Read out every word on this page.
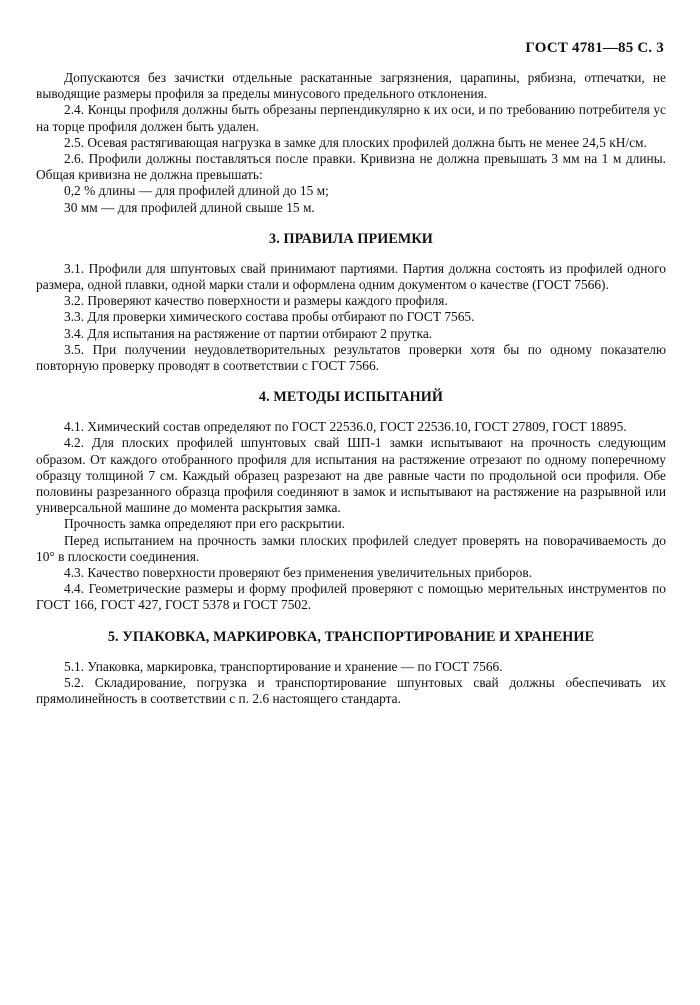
ГОСТ 4781—85 С. 3

Допускаются без зачистки отдельные раскатанные загрязнения, царапины, рябизна, отпечатки, не выводящие размеры профиля за пределы минусового предельного отклонения.

2.4. Концы профиля должны быть обрезаны перпендикулярно к их оси, и по требованию потребителя ус на торце профиля должен быть удален.

2.5. Осевая растягивающая нагрузка в замке для плоских профилей должна быть не менее 24,5 кН/см.

2.6. Профили должны поставляться после правки. Кривизна не должна превышать 3 мм на 1 м длины. Общая кривизна не должна превышать:

0,2 % длины — для профилей длиной до 15 м;

30 мм — для профилей длиной свыше 15 м.

3. ПРАВИЛА ПРИЕМКИ

3.1. Профили для шпунтовых свай принимают партиями. Партия должна состоять из профилей одного размера, одной плавки, одной марки стали и оформлена одним документом о качестве (ГОСТ 7566).

3.2. Проверяют качество поверхности и размеры каждого профиля.

3.3. Для проверки химического состава пробы отбирают по ГОСТ 7565.

3.4. Для испытания на растяжение от партии отбирают 2 прутка.

3.5. При получении неудовлетворительных результатов проверки хотя бы по одному показателю повторную проверку проводят в соответствии с ГОСТ 7566.

4. МЕТОДЫ ИСПЫТАНИЙ

4.1. Химический состав определяют по ГОСТ 22536.0, ГОСТ 22536.10, ГОСТ 27809, ГОСТ 18895.

4.2. Для плоских профилей шпунтовых свай ШП-1 замки испытывают на прочность следующим образом. От каждого отобранного профиля для испытания на растяжение отрезают по одному поперечному образцу толщиной 7 см. Каждый образец разрезают на две равные части по продольной оси профиля. Обе половины разрезанного образца профиля соединяют в замок и испытывают на растяжение на разрывной или универсальной машине до момента раскрытия замка.

Прочность замка определяют при его раскрытии.

Перед испытанием на прочность замки плоских профилей следует проверять на поворачиваемость до 10° в плоскости соединения.

4.3. Качество поверхности проверяют без применения увеличительных приборов.

4.4. Геометрические размеры и форму профилей проверяют с помощью мерительных инструментов по ГОСТ 166, ГОСТ 427, ГОСТ 5378 и ГОСТ 7502.

5. УПАКОВКА, МАРКИРОВКА, ТРАНСПОРТИРОВАНИЕ И ХРАНЕНИЕ

5.1. Упаковка, маркировка, транспортирование и хранение — по ГОСТ 7566.

5.2. Складирование, погрузка и транспортирование шпунтовых свай должны обеспечивать их прямолинейность в соответствии с п. 2.6 настоящего стандарта.
